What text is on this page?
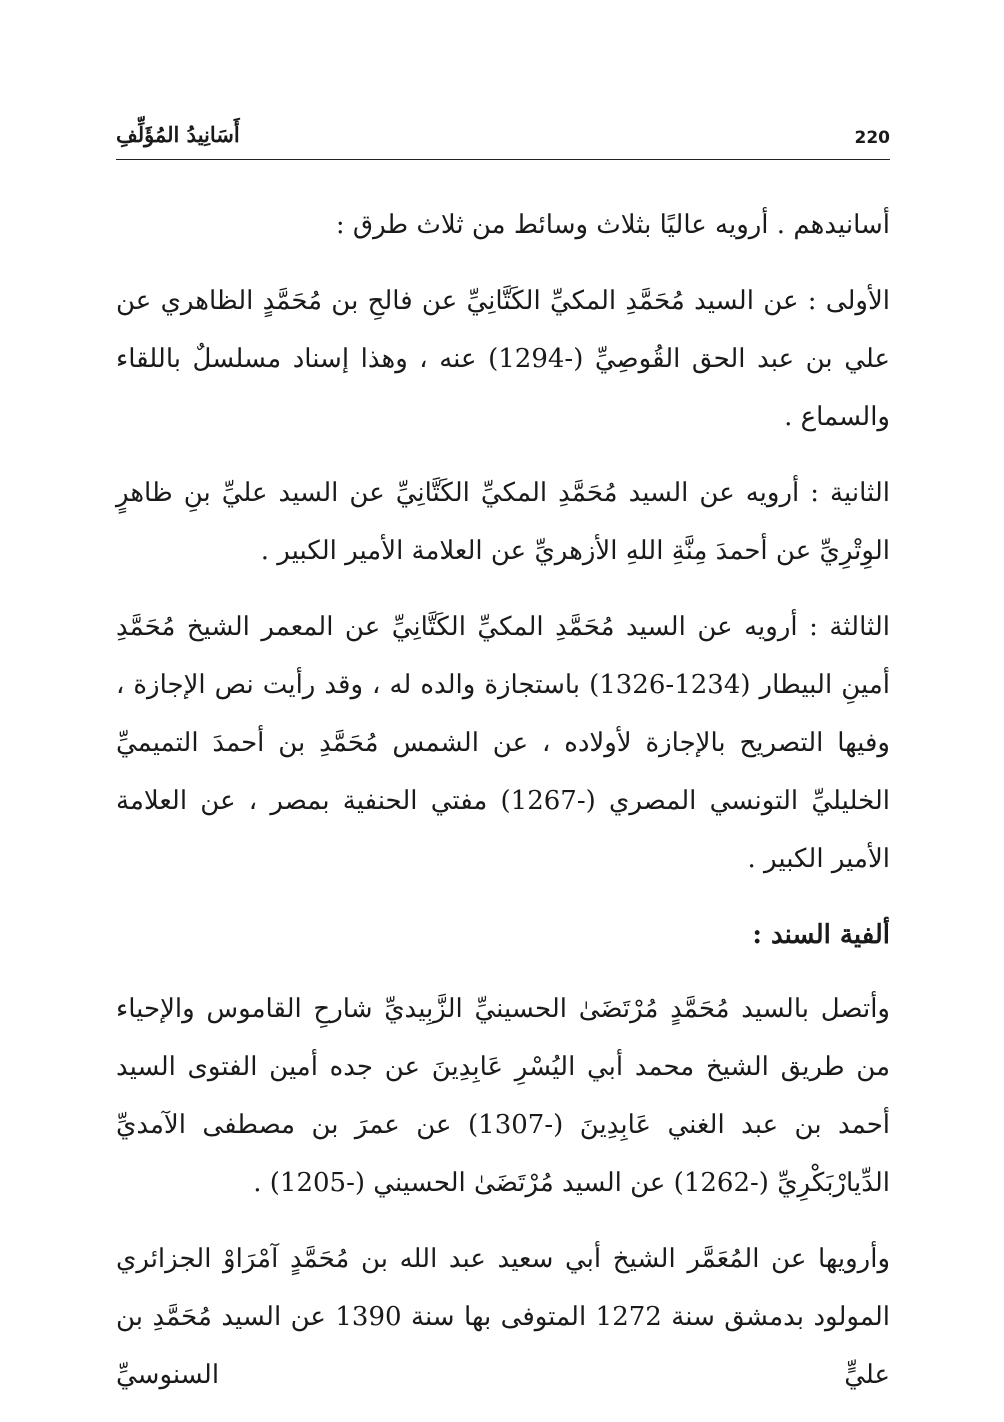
220
أَسَانِيدُ المُؤَلِّفِ

أسانيدهم . أرويه عاليًا بثلاث وسائط من ثلاث طرق :

الأولى : عن السيد مُحَمَّدِ المكيِّ الكَتَّانِيِّ عن فالحِ بن مُحَمَّدٍ الظاهري عن علي بن عبد الحق القُوصِيِّ (-1294) عنه ، وهذا إسناد مسلسلٌ باللقاء والسماع .

الثانية : أرويه عن السيد مُحَمَّدِ المكيِّ الكَتَّانِيِّ عن السيد عليِّ بنِ ظاهرٍ الوِتْرِيِّ عن أحمدَ مِنَّةِ اللهِ الأزهريِّ عن العلامة الأمير الكبير .

الثالثة : أرويه عن السيد مُحَمَّدِ المكيِّ الكَتَّانِيِّ عن المعمر الشيخ مُحَمَّدِ أمينِ البيطار (1234-1326) باستجازة والده له ، وقد رأيت نص الإجازة ، وفيها التصريح بالإجازة لأولاده ، عن الشمس مُحَمَّدِ بن أحمدَ التميميِّ الخليليِّ التونسي المصري (-1267) مفتي الحنفية بمصر ، عن العلامة الأمير الكبير .

ألفية السند :

وأتصل بالسيد مُحَمَّدٍ مُرْتَضَىٰ الحسينيِّ الزَّبِيديِّ شارحِ القاموس والإحياء من طريق الشيخ محمد أبي اليُسْرِ عَابِدِينَ عن جده أمين الفتوى السيد أحمد بن عبد الغني عَابِدِينَ (-1307) عن عمرَ بن مصطفى الآمديِّ الدِّيارْبَكْرِيِّ (-1262) عن السيد مُرْتَضَىٰ الحسيني (-1205) .

وأرويها عن المُعَمَّر الشيخ أبي سعيد عبد الله بن مُحَمَّدٍ آمْرَاوْ الجزائري المولود بدمشق سنة 1272 المتوفى بها سنة 1390 عن السيد مُحَمَّدِ بن عليٍّ السنوسيِّ
